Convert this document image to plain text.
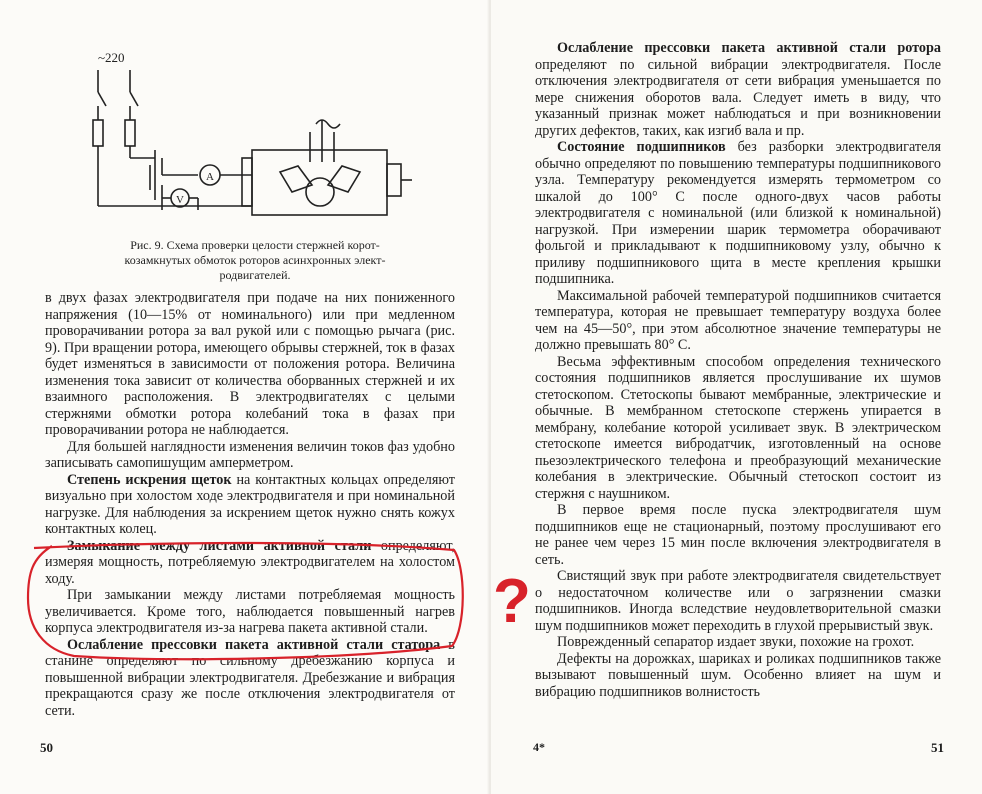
~220
A
V
Рис. 9. Схема проверки целости стержней корот-
козамкнутых обмоток роторов асинхронных элект-
родвигателей.

в двух фазах электродвигателя при подаче на них пониженного напряжения (10—15% от номинального) или при медленном проворачивании ротора за вал рукой или с помощью рычага (рис. 9). При вращении ротора, имеющего обрывы стержней, ток в фазах будет изменяться в зависимости от положения ротора. Величина изменения тока зависит от количества оборванных стержней и их взаимного расположения. В электродвигателях с целыми стержнями обмотки ротора колебаний тока в фазах при проворачивании ротора не наблюдается.

Для большей наглядности изменения величин токов фаз удобно записывать самопишущим амперметром.

Степень искрения щеток на контактных кольцах определяют визуально при холостом ходе электродвигателя и при номинальной нагрузке. Для наблюдения за искрением щеток нужно снять кожух контактных колец.

Замыкание между листами активной стали определяют, измеряя мощность, потребляемую электродвигателем на холостом ходу.

При замыкании между листами потребляемая мощность увеличивается. Кроме того, наблюдается повышенный нагрев корпуса электродвигателя из-за нагрева пакета активной стали.

Ослабление прессовки пакета активной стали статора в станине определяют по сильному дребезжанию корпуса и повышенной вибрации электродвигателя. Дребезжание и вибрация прекращаются сразу же после отключения электродвигателя от сети.

50

Ослабление прессовки пакета активной стали ротора определяют по сильной вибрации электродвигателя. После отключения электродвигателя от сети вибрация уменьшается по мере снижения оборотов вала. Следует иметь в виду, что указанный признак может наблюдаться и при возникновении других дефектов, таких, как изгиб вала и пр.

Состояние подшипников без разборки электродвигателя обычно определяют по повышению температуры подшипникового узла. Температуру рекомендуется измерять термометром со шкалой до 100° С после одного-двух часов работы электродвигателя с номинальной (или близкой к номинальной) нагрузкой. При измерении шарик термометра оборачивают фольгой и прикладывают к подшипниковому узлу, обычно к приливу подшипникового щита в месте крепления крышки подшипника.

Максимальной рабочей температурой подшипников считается температура, которая не превышает температуру воздуха более чем на 45—50°, при этом абсолютное значение температуры не должно превышать 80° С.

Весьма эффективным способом определения технического состояния подшипников является прослушивание их шумов стетоскопом. Стетоскопы бывают мембранные, электрические и обычные. В мембранном стетоскопе стержень упирается в мембрану, колебание которой усиливает звук. В электрическом стетоскопе имеется вибродатчик, изготовленный на основе пьезоэлектрического телефона и преобразующий механические колебания в электрические. Обычный стетоскоп состоит из стержня с наушником.

В первое время после пуска электродвигателя шум подшипников еще не стационарный, поэтому прослушивают его не ранее чем через 15 мин после включения электродвигателя в сеть.

Свистящий звук при работе электродвигателя свидетельствует о недостаточном количестве или о загрязнении смазки подшипников. Иногда вследствие неудовлетворительной смазки шум подшипников может переходить в глухой прерывистый звук.

Поврежденный сепаратор издает звуки, похожие на грохот.

Дефекты на дорожках, шариках и роликах подшипников также вызывают повышенный шум. Особенно влияет на шум и вибрацию подшипников волнистость

?
4*	51
